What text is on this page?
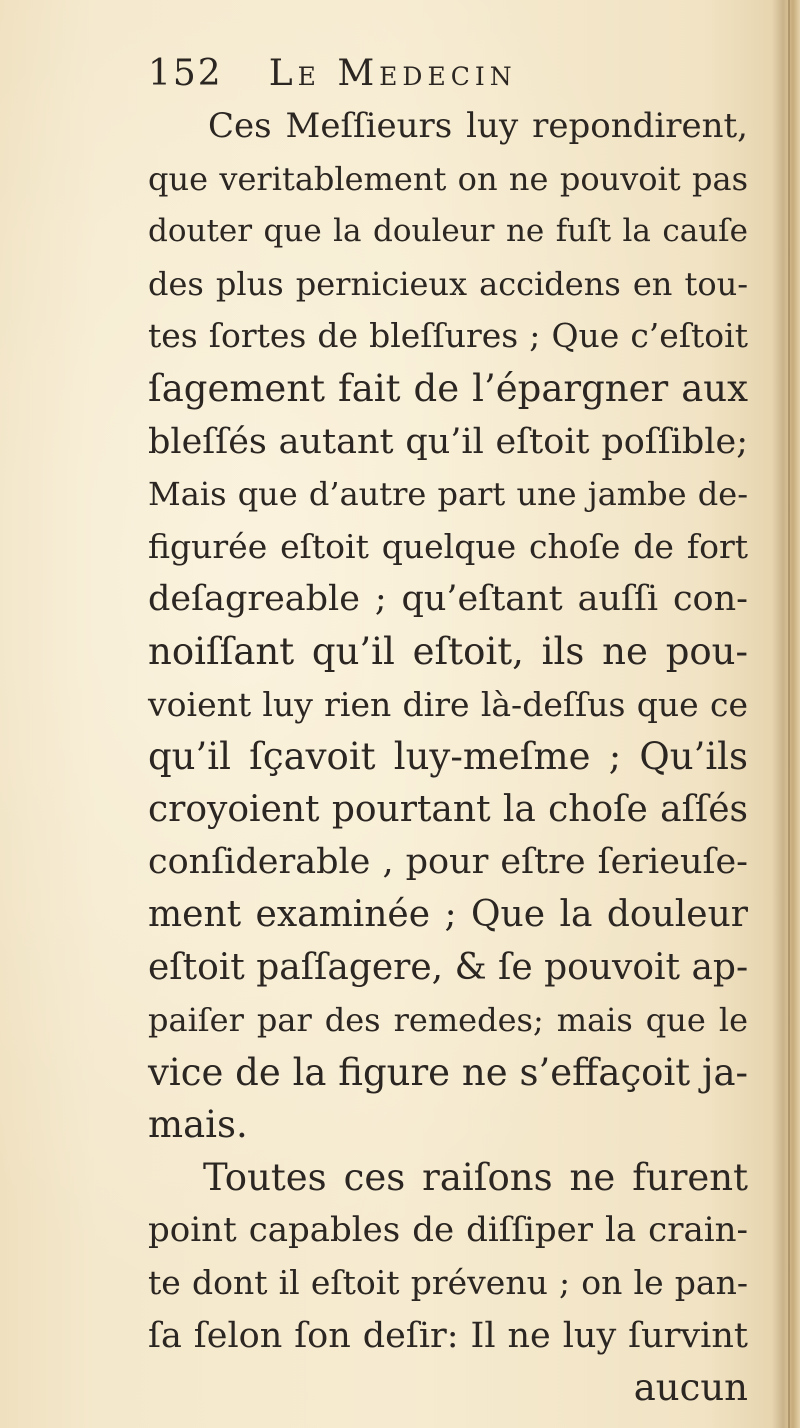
152 Le Medecin
Ces Meſſieurs luy repondirent,
que veritablement on ne pouvoit pas
douter que la douleur ne fuſt la cauſe
des plus pernicieux accidens en tou-
tes ſortes de bleſſures ; Que c’eſtoit
ſagement fait de l’épargner aux
bleſſés autant qu’il eſtoit poſſible;
Mais que d’autre part une jambe de-
figurée eſtoit quelque choſe de fort
deſagreable ; qu’eſtant auſſi con-
noiſſant qu’il eſtoit, ils ne pou-
voient luy rien dire là-deſſus que ce
qu’il ſçavoit luy-meſme ; Qu’ils
croyoient pourtant la choſe aſſés
conſiderable , pour eſtre ſerieuſe-
ment examinée ; Que la douleur
eſtoit paſſagere, & ſe pouvoit ap-
paiſer par des remedes; mais que le
vice de la figure ne s’effaçoit ja-
mais.
Toutes ces raiſons ne furent
point capables de diſſiper la crain-
te dont il eſtoit prévenu ; on le pan-
ſa ſelon ſon deſir: Il ne luy ſurvint
aucun
